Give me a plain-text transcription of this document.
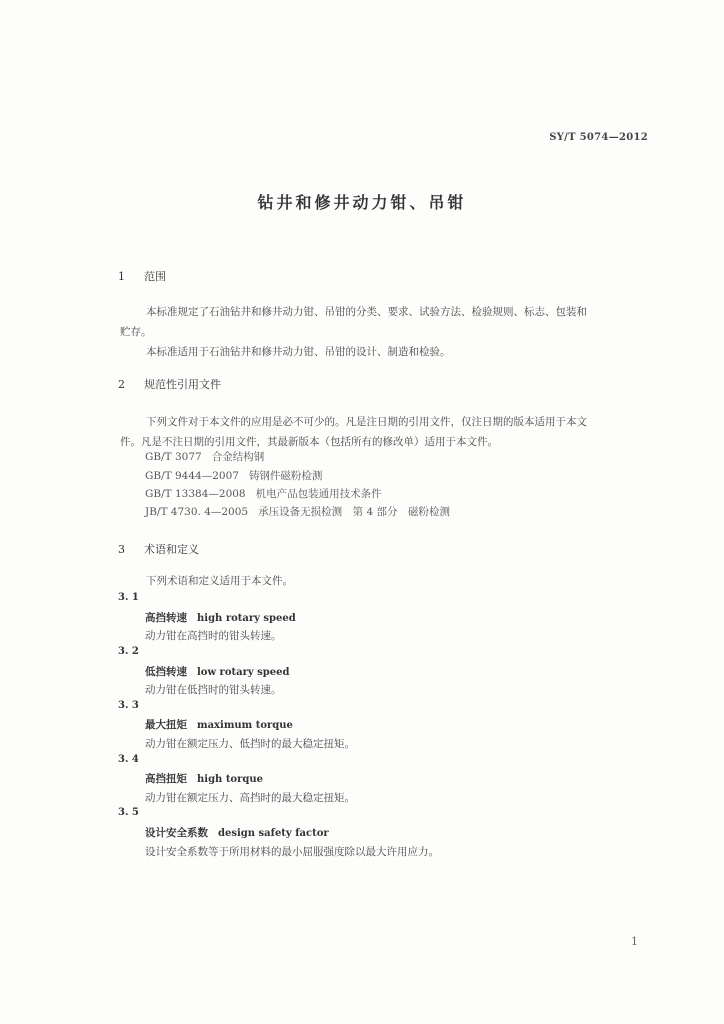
SY/T 5074—2012
钻井和修井动力钳、吊钳
1 范围
本标准规定了石油钻井和修井动力钳、吊钳的分类、要求、试验方法、检验规则、标志、包装和
贮存。
本标准适用于石油钻井和修井动力钳、吊钳的设计、制造和检验。
2 规范性引用文件
下列文件对于本文件的应用是必不可少的。凡是注日期的引用文件，仅注日期的版本适用于本文
件。凡是不注日期的引用文件，其最新版本（包括所有的修改单）适用于本文件。
GB/T 3077 合金结构钢
GB/T 9444—2007 铸钢件磁粉检测
GB/T 13384—2008 机电产品包装通用技术条件
JB/T 4730. 4—2005 承压设备无损检测　第 4 部分　磁粉检测
3 术语和定义
下列术语和定义适用于本文件。
3. 1
高挡转速 high rotary speed
动力钳在高挡时的钳头转速。
3. 2
低挡转速 low rotary speed
动力钳在低挡时的钳头转速。
3. 3
最大扭矩 maximum torque
动力钳在额定压力、低挡时的最大稳定扭矩。
3. 4
高挡扭矩 high torque
动力钳在额定压力、高挡时的最大稳定扭矩。
3. 5
设计安全系数 design safety factor
设计安全系数等于所用材料的最小屈服强度除以最大许用应力。
1
